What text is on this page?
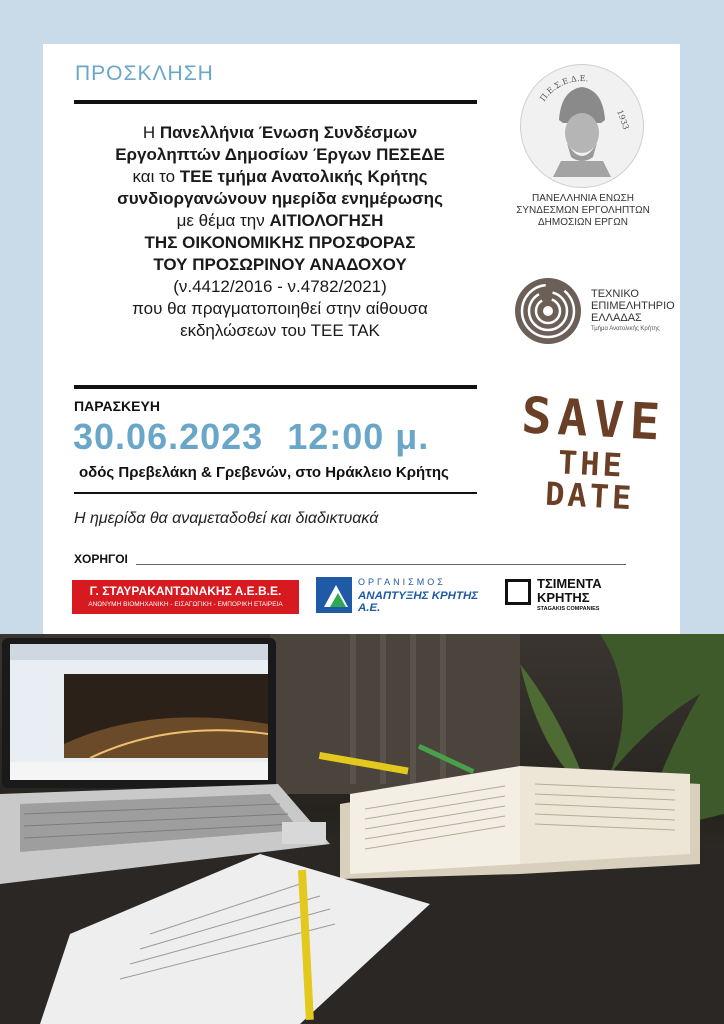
ΠΡΟΣΚΛΗΣΗ
Η Πανελλήνια Ένωση Συνδέσμων
Εργοληπτών Δημοσίων Έργων ΠΕΣΕΔΕ
και το ΤΕΕ τμήμα Ανατολικής Κρήτης
συνδιοργανώνουν ημερίδα ενημέρωσης
με θέμα την ΑΙΤΙΟΛΟΓΗΣΗ
ΤΗΣ ΟΙΚΟΝΟΜΙΚΗΣ ΠΡΟΣΦΟΡΑΣ
ΤΟΥ ΠΡΟΣΩΡΙΝΟΥ ΑΝΑΔΟΧΟΥ
(ν.4412/2016 - ν.4782/2021)
που θα πραγματοποιηθεί στην αίθουσα
εκδηλώσεων του ΤΕΕ ΤΑΚ
ΠΑΡΑΣΚΕΥΗ
30.06.2023 12:00 μ.
οδός Πρεβελάκη & Γρεβενών, στο Ηράκλειο Κρήτης
Η ημερίδα θα αναμεταδοθεί και διαδικτυακά
Π.Ε.Σ.Ε.Δ.Ε.
1933
ΠΑΝΕΛΛΗΝΙΑ ΕΝΩΣΗ
ΣΥΝΔΕΣΜΩΝ ΕΡΓΟΛΗΠΤΩΝ
ΔΗΜΟΣΙΩΝ ΕΡΓΩΝ
ΤΕΧΝΙΚΟ
ΕΠΙΜΕΛΗΤΗΡΙΟ
ΕΛΛΑΔΑΣ
Τμήμα Ανατολικής Κρήτης
SAVE
THE DATE
ΧΟΡΗΓΟΙ
Γ. ΣΤΑΥΡΑΚΑΝΤΩΝΑΚΗΣ Α.Ε.Β.Ε.
ΑΝΩΝΥΜΗ ΒΙΟΜΗΧΑΝΙΚΗ - ΕΙΣΑΓΩΓΙΚΗ - ΕΜΠΟΡΙΚΗ ΕΤΑΙΡΕΙΑ
ΟΡΓΑΝΙΣΜΟΣ
ΑΝΑΠΤΥΞΗΣ ΚΡΗΤΗΣ Α.Ε.
ΤΣΙΜΕΝΤΑ
ΚΡΗΤΗΣ
STAGAKIS COMPANIES
